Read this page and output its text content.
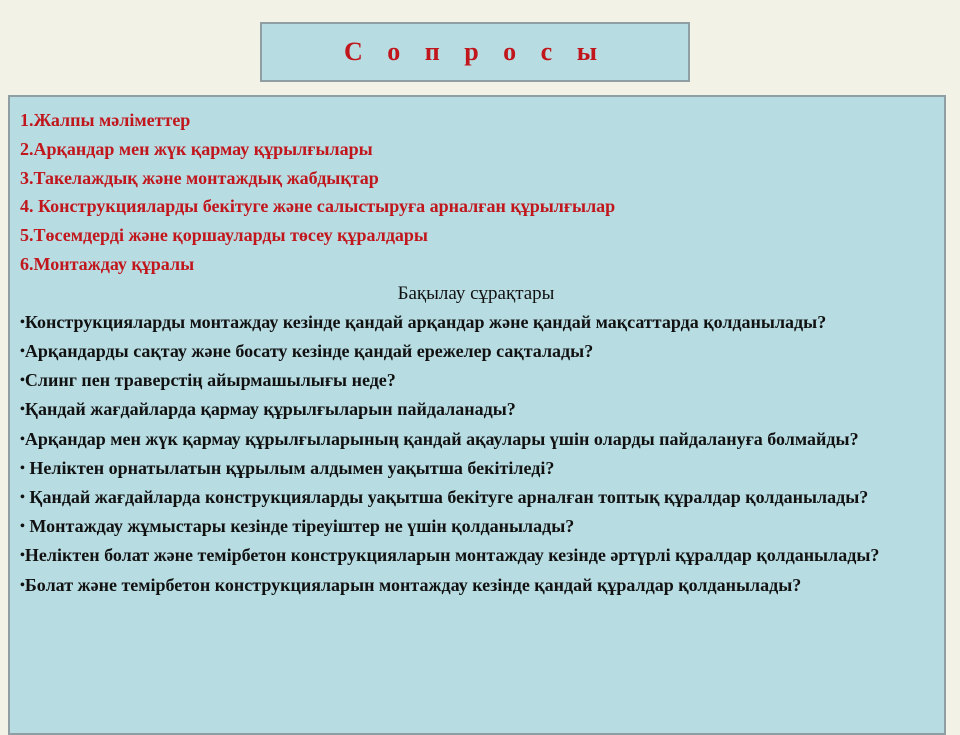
С о п р о с ы
1.Жалпы мәліметтер
2.Арқандар мен жүк қармау құрылғылары
3.Такелаждық және монтаждық жабдықтар
4. Конструкцияларды бекітуге және салыстыруға арналған құрылғылар
5.Төсемдерді және қоршауларды төсеу құралдары
6.Монтаждау құралы

Бақылау сұрақтары

•Конструкцияларды монтаждау кезінде қандай арқандар және қандай мақсаттарда қолданылады?
•Арқандарды сақтау және босату кезінде қандай ережелер сақталады?
•Слинг пен траверстің айырмашылығы неде?
•Қандай жағдайларда қармау құрылғыларын пайдаланады?
•Арқандар мен жүк қармау құрылғыларының қандай ақаулары үшін оларды пайдалануға болмайды?
• Неліктен орнатылатын құрылым алдымен уақытша бекітіледі?
• Қандай жағдайларда конструкцияларды уақытша бекітуге арналған топтық құралдар қолданылады?
• Монтаждау жұмыстары кезінде тіреуіштер не үшін қолданылады?
•Неліктен болат және темірбетон конструкцияларын монтаждау кезінде әртүрлі құралдар қолданылады?
•Болат және темірбетон конструкцияларын монтаждау кезінде қандай құралдар қолданылады?
